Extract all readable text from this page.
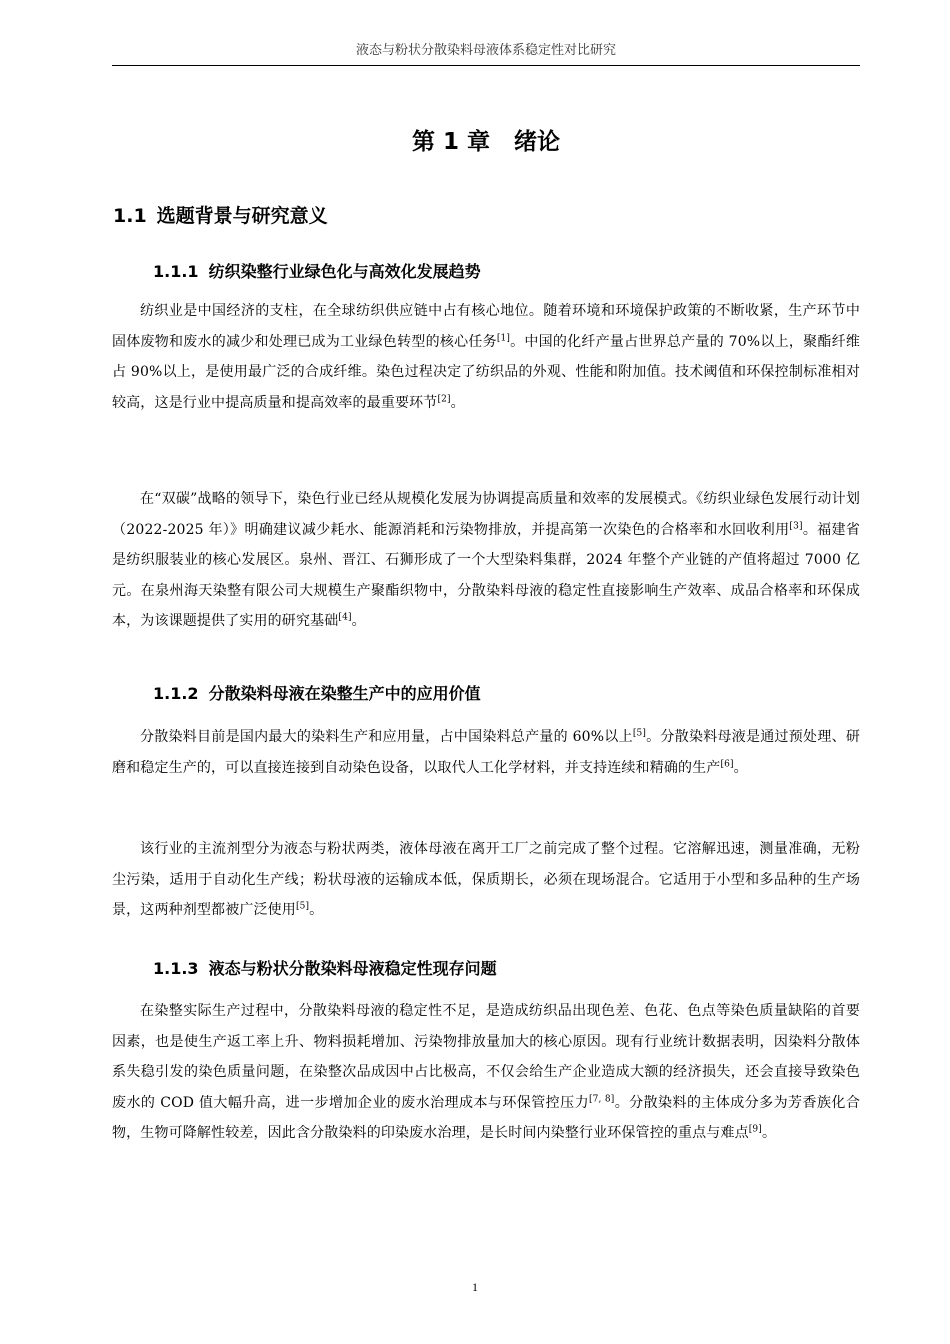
液态与粉状分散染料母液体系稳定性对比研究
第 1 章 绪论
1.1 选题背景与研究意义
1.1.1 纺织染整行业绿色化与高效化发展趋势

纺织业是中国经济的支柱，在全球纺织供应链中占有核心地位。随着环境和环境保护政策的不断收紧，生产环节中固体废物和废水的减少和处理已成为工业绿色转型的核心任务[1]。中国的化纤产量占世界总产量的 70%以上，聚酯纤维占 90%以上，是使用最广泛的合成纤维。染色过程决定了纺织品的外观、性能和附加值。技术阈值和环保控制标准相对较高，这是行业中提高质量和提高效率的最重要环节[2]。

在“双碳”战略的领导下，染色行业已经从规模化发展为协调提高质量和效率的发展模式。《纺织业绿色发展行动计划（2022-2025 年）》明确建议减少耗水、能源消耗和污染物排放，并提高第一次染色的合格率和水回收利用[3]。福建省是纺织服装业的核心发展区。泉州、晋江、石狮形成了一个大型染料集群，2024 年整个产业链的产值将超过 7000 亿元。在泉州海天染整有限公司大规模生产聚酯织物中，分散染料母液的稳定性直接影响生产效率、成品合格率和环保成本，为该课题提供了实用的研究基础[4]。

1.1.2 分散染料母液在染整生产中的应用价值

分散染料目前是国内最大的染料生产和应用量，占中国染料总产量的 60%以上[5]。分散染料母液是通过预处理、研磨和稳定生产的，可以直接连接到自动染色设备，以取代人工化学材料，并支持连续和精确的生产[6]。

该行业的主流剂型分为液态与粉状两类，液体母液在离开工厂之前完成了整个过程。它溶解迅速，测量准确，无粉尘污染，适用于自动化生产线；粉状母液的运输成本低，保质期长，必须在现场混合。它适用于小型和多品种的生产场景，这两种剂型都被广泛使用[5]。

1.1.3 液态与粉状分散染料母液稳定性现存问题

在染整实际生产过程中，分散染料母液的稳定性不足，是造成纺织品出现色差、色花、色点等染色质量缺陷的首要因素，也是使生产返工率上升、物料损耗增加、污染物排放量加大的核心原因。现有行业统计数据表明，因染料分散体系失稳引发的染色质量问题，在染整次品成因中占比极高，不仅会给生产企业造成大额的经济损失，还会直接导致染色废水的 COD 值大幅升高，进一步增加企业的废水治理成本与环保管控压力[7, 8]。分散染料的主体成分多为芳香族化合物，生物可降解性较差，因此含分散染料的印染废水治理，是长时间内染整行业环保管控的重点与难点[9]。

1
